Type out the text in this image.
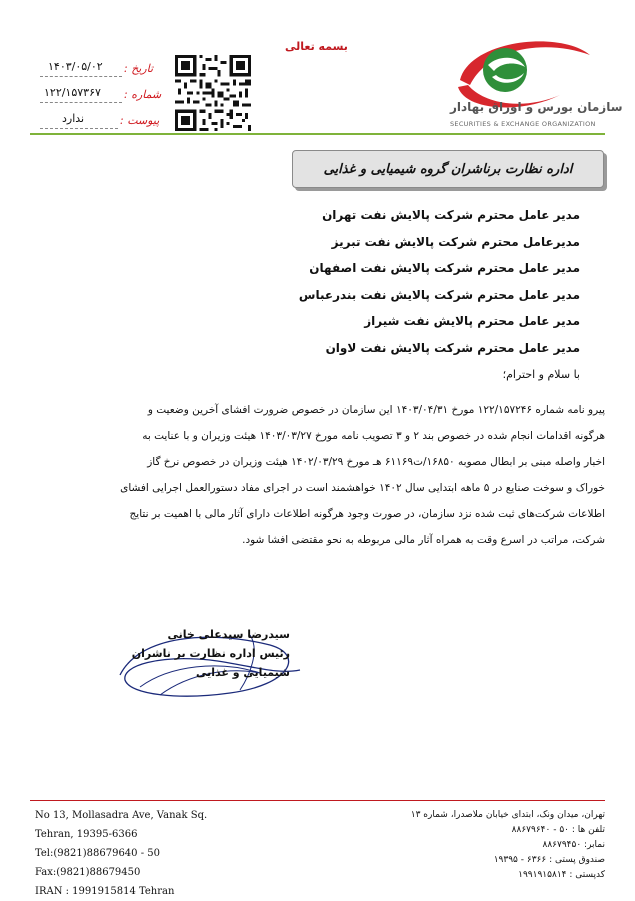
بسمه تعالی
سازمان بورس و اوراق بهادار
SECURITIES & EXCHANGE ORGANIZATION
تاریخ :
۱۴۰۳/۰۵/۰۲
شماره :
۱۲۲/۱۵۷۳۶۷
پیوست :
ندارد
اداره نظارت برناشران گروه شیمیایی و غذایی
مدیر عامل محترم شرکت پالایش نفت تهران
مدیرعامل محترم شرکت پالایش نفت تبریز
مدیر عامل محترم شرکت پالایش نفت اصفهان
مدیر عامل محترم شرکت پالایش نفت بندرعباس
مدیر عامل محترم پالایش نفت شیراز
مدیر عامل محترم شرکت پالایش نفت لاوان
با سلام و احترام؛
پیرو نامه شماره ۱۲۲/۱۵۷۲۴۶ مورخ ۱۴۰۳/۰۴/۳۱ این سازمان در خصوص ضرورت افشای آخرین وضعیت و
هرگونه اقدامات انجام شده در خصوص بند ۲ و ۳ تصویب نامه مورخ ۱۴۰۳/۰۳/۲۷ هیئت وزیران و با عنایت به
اخبار واصله مبنی بر ابطال مصوبه ۱۶۸۵۰/ت۶۱۱۶۹ هـ مورخ ۱۴۰۲/۰۳/۲۹ هیئت وزیران در خصوص نرخ گاز
خوراک و سوخت صنایع در ۵ ماهه ابتدایی سال ۱۴۰۲ خواهشمند است در اجرای مفاد دستورالعمل اجرایی افشای
اطلاعات شرکت‌های ثبت شده نزد سازمان، در صورت وجود هرگونه اطلاعات دارای آثار مالی با اهمیت بر نتایج
شرکت، مراتب در اسرع وقت به همراه آثار مالی مربوطه به نحو مقتضی افشا شود.
سیدرضا سیدعلی خانی
رئیس اداره نظارت بر ناشران
شیمیایی و غذایی
No 13, Mollasadra Ave, Vanak Sq.
Tehran, 19395-6366
Tel:(9821)88679640 - 50
Fax:(9821)88679450
IRAN : 1991915814 Tehran
تهران، میدان ونک، ابتدای خیابان ملاصدرا، شماره ۱۳
تلفن ها : ۵۰ - ۸۸۶۷۹۶۴۰
نمابر: ۸۸۶۷۹۴۵۰
صندوق پستی : ۶۳۶۶ - ۱۹۳۹۵
کدپستی : ۱۹۹۱۹۱۵۸۱۴
